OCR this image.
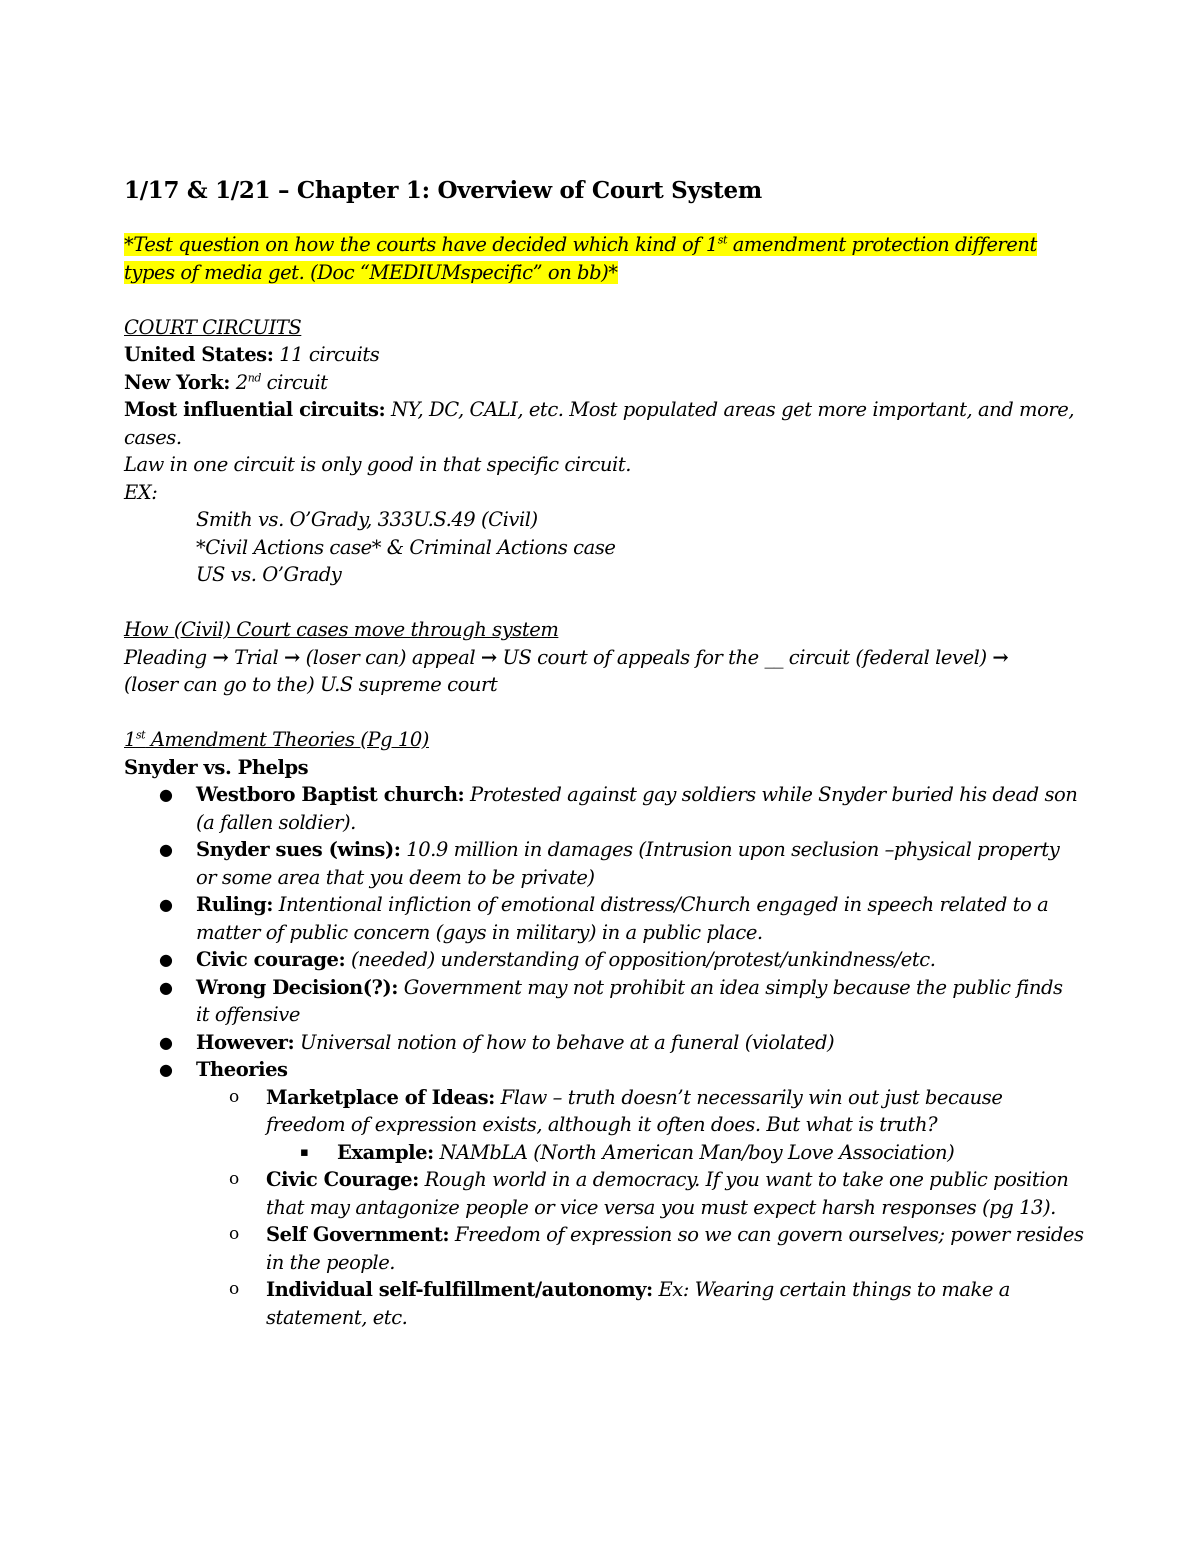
1/17 & 1/21 – Chapter 1: Overview of Court System
*Test question on how the courts have decided which kind of 1st amendment protection different
types of media get. (Doc “MEDIUMspecific” on bb)*
COURT CIRCUITS
United States: 11 circuits
New York: 2nd circuit
Most influential circuits: NY, DC, CALI, etc. Most populated areas get more important, and more,
cases.
Law in one circuit is only good in that specific circuit.
EX:
Smith vs. O’Grady, 333U.S.49 (Civil)
*Civil Actions case* & Criminal Actions case
US vs. O’Grady
How (Civil) Court cases move through system
Pleading → Trial → (loser can) appeal → US court of appeals for the __ circuit (federal level) →
(loser can go to the) U.S supreme court
1st Amendment Theories (Pg 10)
Snyder vs. Phelps
● Westboro Baptist church: Protested against gay soldiers while Snyder buried his dead son
(a fallen soldier).
● Snyder sues (wins): 10.9 million in damages (Intrusion upon seclusion –physical property
or some area that you deem to be private)
● Ruling: Intentional infliction of emotional distress/Church engaged in speech related to a
matter of public concern (gays in military) in a public place.
● Civic courage: (needed) understanding of opposition/protest/unkindness/etc.
● Wrong Decision(?): Government may not prohibit an idea simply because the public finds
it offensive
● However: Universal notion of how to behave at a funeral (violated)
● Theories
o Marketplace of Ideas: Flaw – truth doesn’t necessarily win out just because
freedom of expression exists, although it often does. But what is truth?
▪ Example: NAMbLA (North American Man/boy Love Association)
o Civic Courage: Rough world in a democracy. If you want to take one public position
that may antagonize people or vice versa you must expect harsh responses (pg 13).
o Self Government: Freedom of expression so we can govern ourselves; power resides
in the people.
o Individual self-fulfillment/autonomy: Ex: Wearing certain things to make a
statement, etc.
